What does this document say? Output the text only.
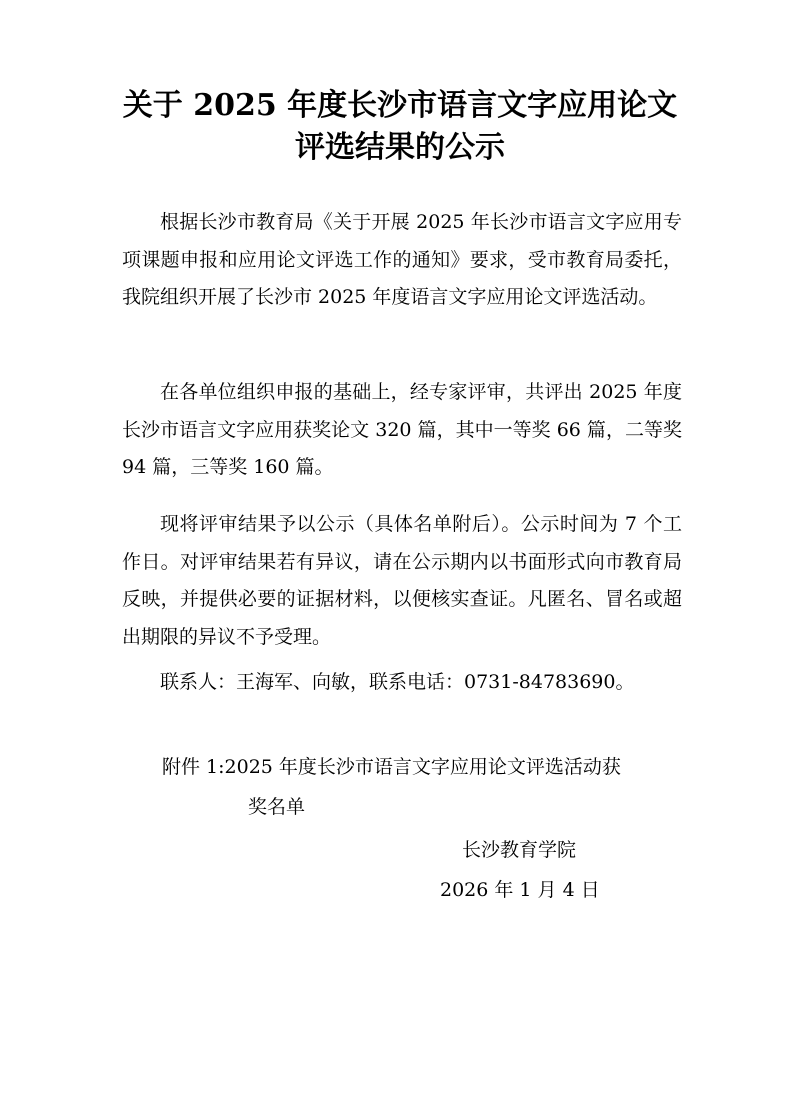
关于 2025 年度长沙市语言文字应用论文
评选结果的公示
根据长沙市教育局《关于开展 2025 年长沙市语言文字应用专项课题申报和应用论文评选工作的通知》要求，受市教育局委托，我院组织开展了长沙市 2025 年度语言文字应用论文评选活动。
在各单位组织申报的基础上，经专家评审，共评出 2025 年度长沙市语言文字应用获奖论文 320 篇，其中一等奖 66 篇，二等奖 94 篇，三等奖 160 篇。
现将评审结果予以公示（具体名单附后）。公示时间为 7 个工作日。对评审结果若有异议，请在公示期内以书面形式向市教育局反映，并提供必要的证据材料，以便核实查证。凡匿名、冒名或超出期限的异议不予受理。
联系人：王海军、向敏，联系电话：0731-84783690。
附件 1:2025 年度长沙市语言文字应用论文评选活动获
奖名单
长沙教育学院
2026 年 1 月 4 日
